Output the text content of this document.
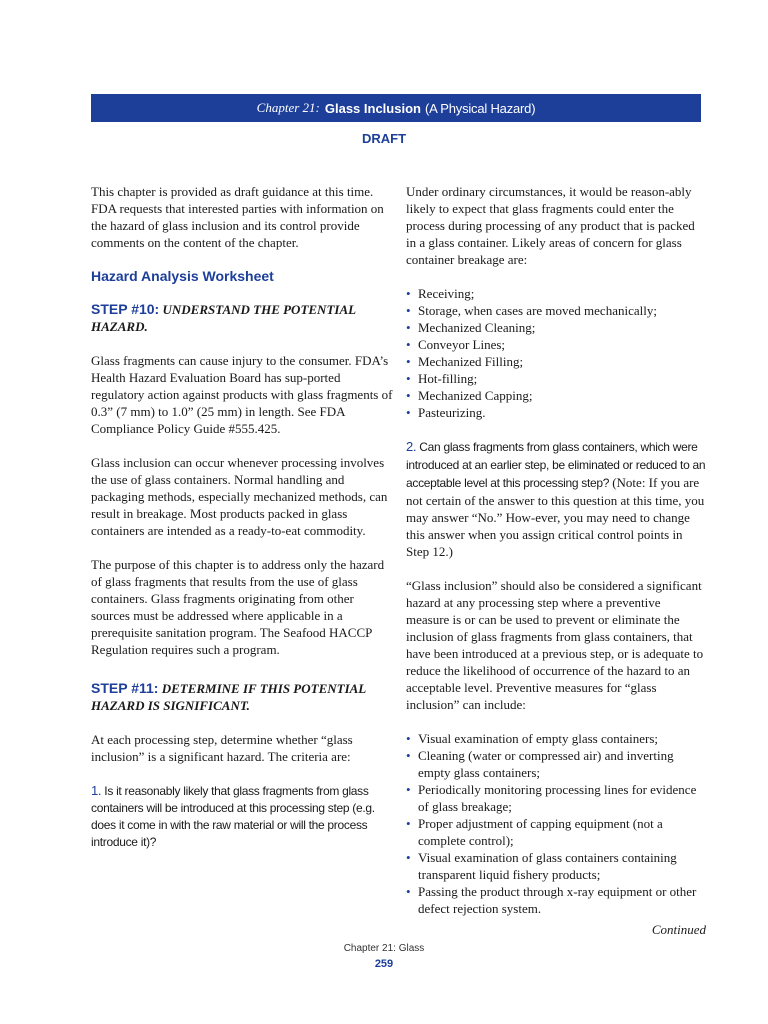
Chapter 21: Glass Inclusion (A Physical Hazard)
DRAFT

This chapter is provided as draft guidance at this time. FDA requests that interested parties with information on the hazard of glass inclusion and its control provide comments on the content of the chapter.

Hazard Analysis Worksheet
STEP #10: UNDERSTAND THE POTENTIAL HAZARD.

Glass fragments can cause injury to the consumer. FDA’s Health Hazard Evaluation Board has sup-ported regulatory action against products with glass fragments of 0.3” (7 mm) to 1.0” (25 mm) in length. See FDA Compliance Policy Guide #555.425.

Glass inclusion can occur whenever processing involves the use of glass containers. Normal handling and packaging methods, especially mechanized methods, can result in breakage. Most products packed in glass containers are intended as a ready-to-eat commodity.

The purpose of this chapter is to address only the hazard of glass fragments that results from the use of glass containers. Glass fragments originating from other sources must be addressed where applicable in a prerequisite sanitation program. The Seafood HACCP Regulation requires such a program.

STEP #11: DETERMINE IF THIS POTENTIAL HAZARD IS SIGNIFICANT.

At each processing step, determine whether “glass inclusion” is a significant hazard. The criteria are:

1. Is it reasonably likely that glass fragments from glass containers will be introduced at this processing step (e.g. does it come in with the raw material or will the process introduce it)?

Under ordinary circumstances, it would be reason-ably likely to expect that glass fragments could enter the process during processing of any product that is packed in a glass container. Likely areas of concern for glass container breakage are:

• Receiving;
• Storage, when cases are moved mechanically;
• Mechanized Cleaning;
• Conveyor Lines;
• Mechanized Filling;
• Hot-filling;
• Mechanized Capping;
• Pasteurizing.

2. Can glass fragments from glass containers, which were introduced at an earlier step, be eliminated or reduced to an acceptable level at this processing step? (Note: If you are not certain of the answer to this question at this time, you may answer “No.” How-ever, you may need to change this answer when you assign critical control points in Step 12.)

“Glass inclusion” should also be considered a significant hazard at any processing step where a preventive measure is or can be used to prevent or eliminate the inclusion of glass fragments from glass containers, that have been introduced at a previous step, or is adequate to reduce the likelihood of occurrence of the hazard to an acceptable level. Preventive measures for “glass inclusion” can include:

• Visual examination of empty glass containers;
• Cleaning (water or compressed air) and inverting empty glass containers;
• Periodically monitoring processing lines for evidence of glass breakage;
• Proper adjustment of capping equipment (not a complete control);
• Visual examination of glass containers containing transparent liquid fishery products;
• Passing the product through x-ray equipment or other defect rejection system.
Continued
Chapter 21: Glass
259
